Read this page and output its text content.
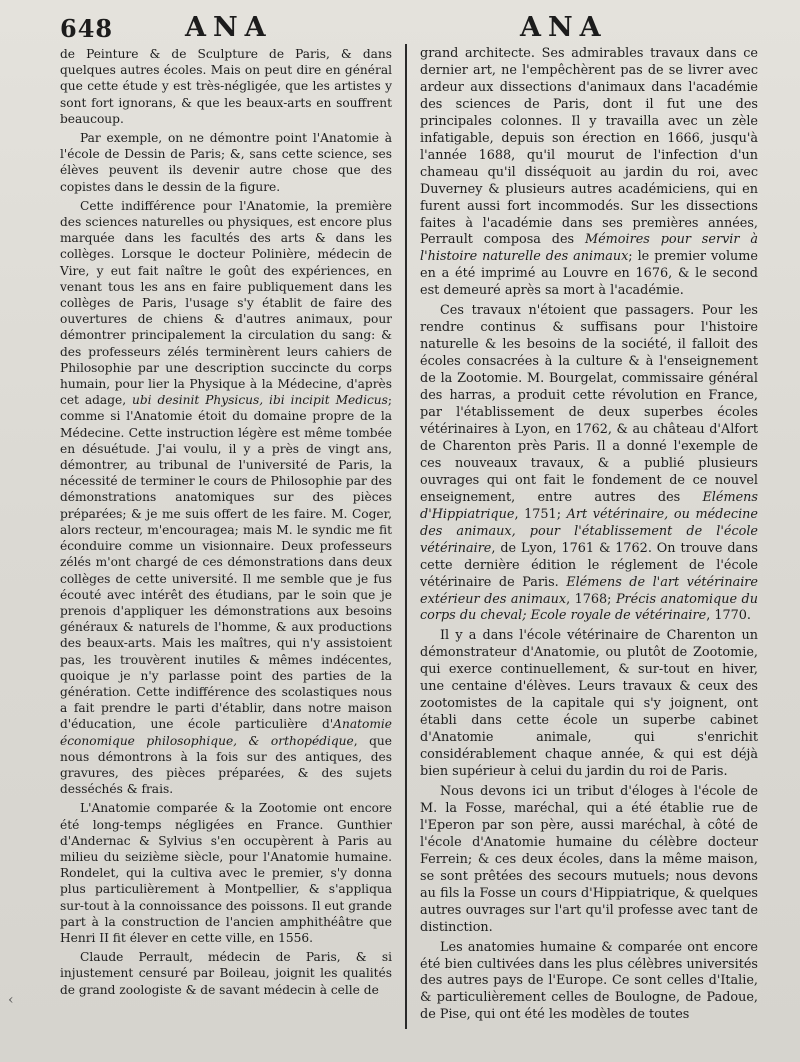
648	ANA	ANA

de Peinture & de Sculpture de Paris, & dans quelques autres écoles. Mais on peut dire en général que cette étude y est très-négligée, que les artistes y sont fort ignorans, & que les beaux-arts en souffrent beaucoup.

Par exemple, on ne démontre point l'Anatomie à l'école de Dessin de Paris; &, sans cette science, ses élèves peuvent ils devenir autre chose que des copistes dans le dessin de la figure.

Cette indifférence pour l'Anatomie, la première des sciences naturelles ou physiques, est encore plus marquée dans les facultés des arts & dans les collèges. Lorsque le docteur Polinière, médecin de Vire, y eut fait naître le goût des expériences, en venant tous les ans en faire publiquement dans les collèges de Paris, l'usage s'y établit de faire des ouvertures de chiens & d'autres animaux, pour démontrer principalement la circulation du sang: & des professeurs zélés terminèrent leurs cahiers de Philosophie par une description succincte du corps humain, pour lier la Physique à la Médecine, d'après cet adage, ubi desinit Physicus, ibi incipit Medicus; comme si l'Anatomie étoit du domaine propre de la Médecine. Cette instruction légère est même tombée en désuétude. J'ai voulu, il y a près de vingt ans, démontrer, au tribunal de l'université de Paris, la nécessité de terminer le cours de Philosophie par des démonstrations anatomiques sur des pièces préparées; & je me suis offert de les faire. M. Coger, alors recteur, m'encouragea; mais M. le syndic me fit éconduire comme un visionnaire. Deux professeurs zélés m'ont chargé de ces démonstrations dans deux collèges de cette université. Il me semble que je fus écouté avec intérêt des étudians, par le soin que je prenois d'appliquer les démonstrations aux besoins généraux & naturels de l'homme, & aux productions des beaux-arts. Mais les maîtres, qui n'y assistoient pas, les trouvèrent inutiles & mêmes indécentes, quoique je n'y parlasse point des parties de la génération. Cette indifférence des scolastiques nous a fait prendre le parti d'établir, dans notre maison d'éducation, une école particulière d'Anatomie économique philosophique, & orthopédique, que nous démontrons à la fois sur des antiques, des gravures, des pièces préparées, & des sujets desséchés & frais.

L'Anatomie comparée & la Zootomie ont encore été long-temps négligées en France. Gunthier d'Andernac & Sylvius s'en occupèrent à Paris au milieu du seizième siècle, pour l'Anatomie humaine. Rondelet, qui la cultiva avec le premier, s'y donna plus particulièrement à Montpellier, & s'appliqua sur-tout à la connoissance des poissons. Il eut grande part à la construction de l'ancien amphithéâtre que Henri II fit élever en cette ville, en 1556.

Claude Perrault, médecin de Paris, & si injustement censuré par Boileau, joignit les qualités de grand zoologiste & de savant médecin à celle de

grand architecte. Ses admirables travaux dans ce dernier art, ne l'empêchèrent pas de se livrer avec ardeur aux dissections d'animaux dans l'académie des sciences de Paris, dont il fut une des principales colonnes. Il y travailla avec un zèle infatigable, depuis son érection en 1666, jusqu'à l'année 1688, qu'il mourut de l'infection d'un chameau qu'il disséquoit au jardin du roi, avec Duverney & plusieurs autres académiciens, qui en furent aussi fort incommodés. Sur les dissections faites à l'académie dans ses premières années, Perrault composa des Mémoires pour servir à l'histoire naturelle des animaux; le premier volume en a été imprimé au Louvre en 1676, & le second est demeuré après sa mort à l'académie.

Ces travaux n'étoient que passagers. Pour les rendre continus & suffisans pour l'histoire naturelle & les besoins de la société, il falloit des écoles consacrées à la culture & à l'enseignement de la Zootomie. M. Bourgelat, commissaire général des harras, a produit cette révolution en France, par l'établissement de deux superbes écoles vétérinaires à Lyon, en 1762, & au château d'Alfort de Charenton près Paris. Il a donné l'exemple de ces nouveaux travaux, & a publié plusieurs ouvrages qui ont fait le fondement de ce nouvel enseignement, entre autres des Elémens d'Hippiatrique, 1751; Art vétérinaire, ou médecine des animaux, pour l'établissement de l'école vétérinaire, de Lyon, 1761 & 1762. On trouve dans cette dernière édition le réglement de l'école vétérinaire de Paris. Elémens de l'art vétérinaire extérieur des animaux, 1768; Précis anatomique du corps du cheval; Ecole royale de vétérinaire, 1770.

Il y a dans l'école vétérinaire de Charenton un démonstrateur d'Anatomie, ou plutôt de Zootomie, qui exerce continuellement, & sur-tout en hiver, une centaine d'élèves. Leurs travaux & ceux des zootomistes de la capitale qui s'y joignent, ont établi dans cette école un superbe cabinet d'Anatomie animale, qui s'enrichit considérablement chaque année, & qui est déjà bien supérieur à celui du jardin du roi de Paris.

Nous devons ici un tribut d'éloges à l'école de M. la Fosse, maréchal, qui a été établie rue de l'Eperon par son père, aussi maréchal, à côté de l'école d'Anatomie humaine du célèbre docteur Ferrein; & ces deux écoles, dans la même maison, se sont prêtées des secours mutuels; nous devons au fils la Fosse un cours d'Hippiatrique, & quelques autres ouvrages sur l'art qu'il professe avec tant de distinction.

Les anatomies humaine & comparée ont encore été bien cultivées dans les plus célèbres universités des autres pays de l'Europe. Ce sont celles d'Italie, & particulièrement celles de Boulogne, de Padoue, de Pise, qui ont été les modèles de toutes

‹
